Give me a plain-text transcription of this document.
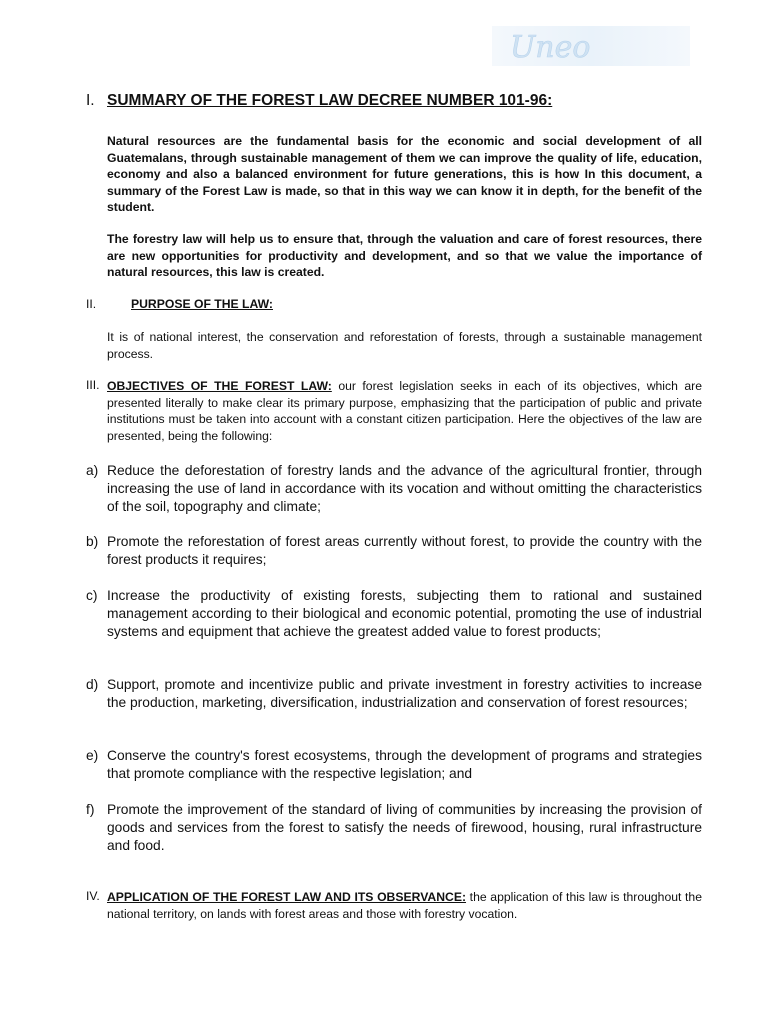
Uneo
I. SUMMARY OF THE FOREST LAW DECREE NUMBER 101-96:
Natural resources are the fundamental basis for the economic and social development of all Guatemalans, through sustainable management of them we can improve the quality of life, education, economy and also a balanced environment for future generations, this is how In this document, a summary of the Forest Law is made, so that in this way we can know it in depth, for the benefit of the student.
The forestry law will help us to ensure that, through the valuation and care of forest resources, there are new opportunities for productivity and development, and so that we value the importance of natural resources, this law is created.
II.	PURPOSE OF THE LAW:
It is of national interest, the conservation and reforestation of forests, through a sustainable management process.
III. OBJECTIVES OF THE FOREST LAW: our forest legislation seeks in each of its objectives, which are presented literally to make clear its primary purpose, emphasizing that the participation of public and private institutions must be taken into account with a constant citizen participation. Here the objectives of the law are presented, being the following:
a) Reduce the deforestation of forestry lands and the advance of the agricultural frontier, through increasing the use of land in accordance with its vocation and without omitting the characteristics of the soil, topography and climate;
b) Promote the reforestation of forest areas currently without forest, to provide the country with the forest products it requires;
c) Increase the productivity of existing forests, subjecting them to rational and sustained management according to their biological and economic potential, promoting the use of industrial systems and equipment that achieve the greatest added value to forest products;
d) Support, promote and incentivize public and private investment in forestry activities to increase the production, marketing, diversification, industrialization and conservation of forest resources;
e) Conserve the country's forest ecosystems, through the development of programs and strategies that promote compliance with the respective legislation; and
f) Promote the improvement of the standard of living of communities by increasing the provision of goods and services from the forest to satisfy the needs of firewood, housing, rural infrastructure and food.
IV. APPLICATION OF THE FOREST LAW AND ITS OBSERVANCE: the application of this law is throughout the national territory, on lands with forest areas and those with forestry vocation.
